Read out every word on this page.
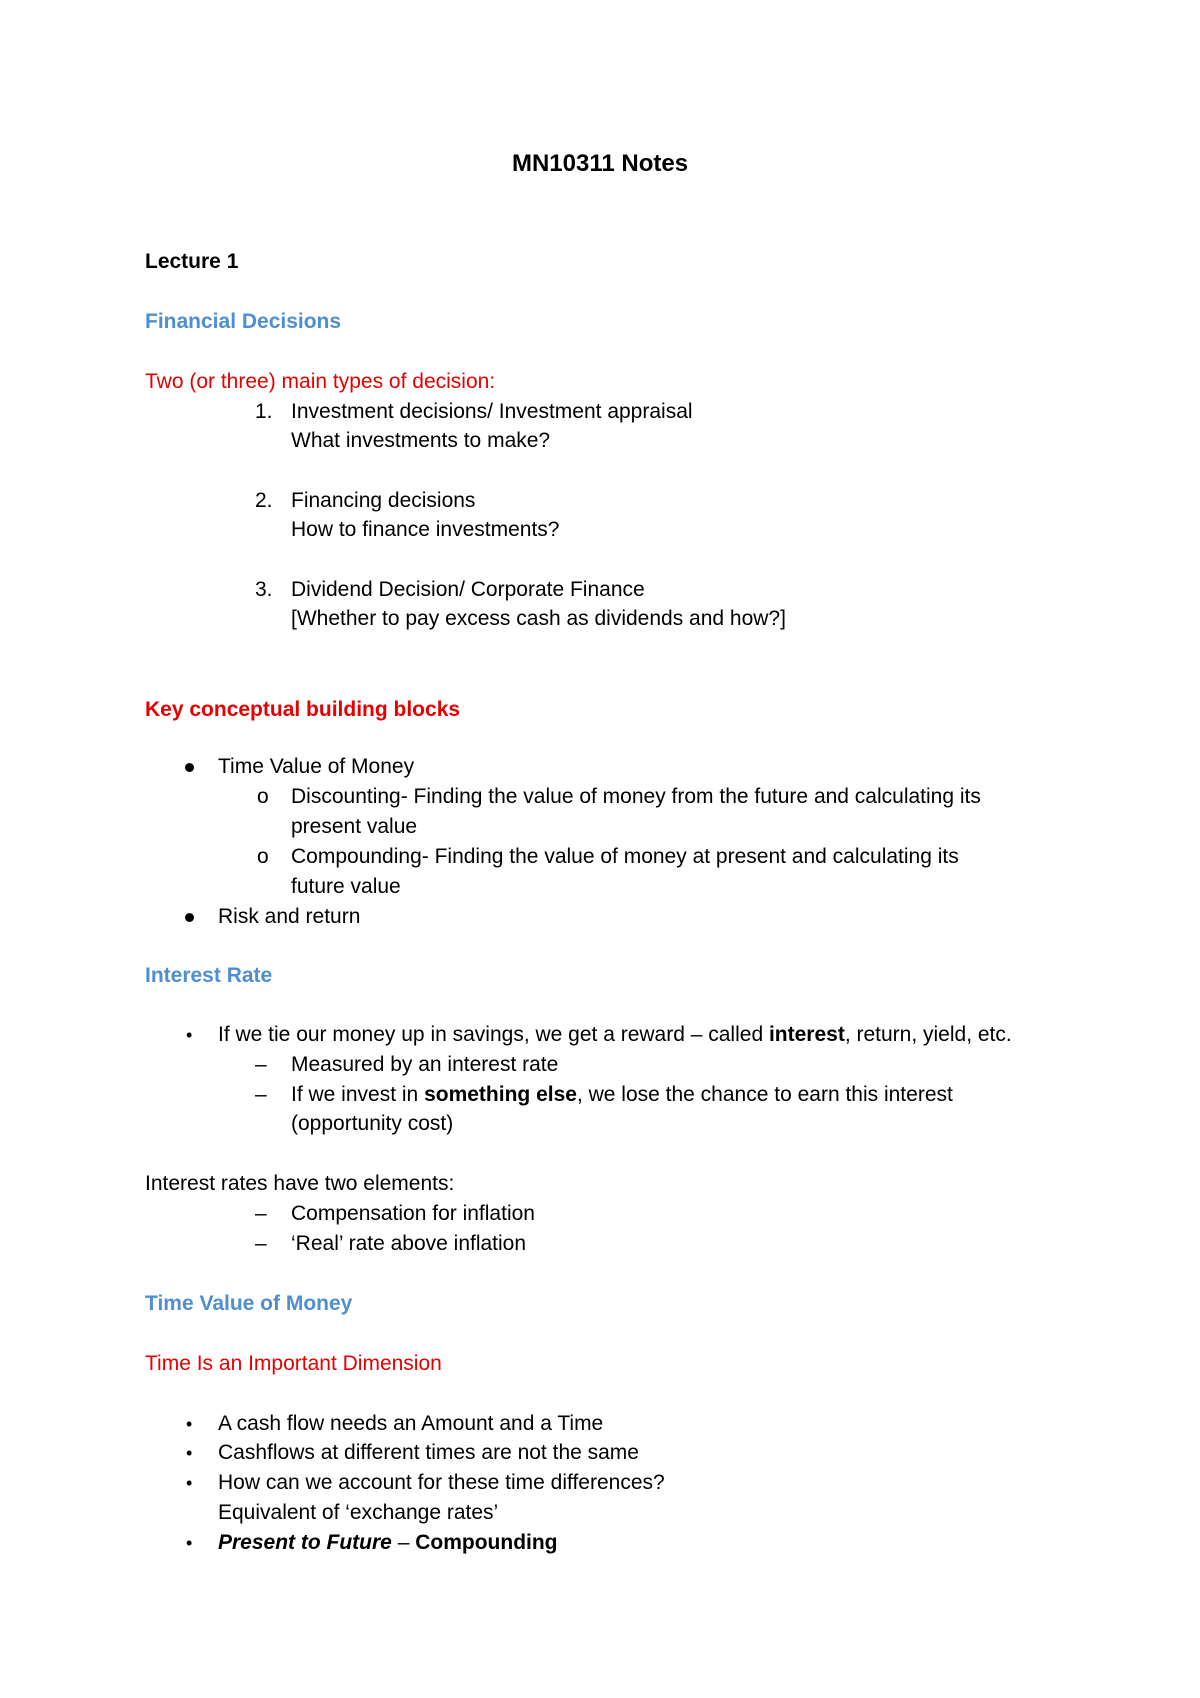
MN10311 Notes
Lecture 1
Financial Decisions
Two (or three) main types of decision:
1. Investment decisions/ Investment appraisal
What investments to make?
2. Financing decisions
How to finance investments?
3. Dividend Decision/ Corporate Finance
[Whether to pay excess cash as dividends and how?]
Key conceptual building blocks
Time Value of Money
o Discounting- Finding the value of money from the future and calculating its
present value
o Compounding- Finding the value of money at present and calculating its
future value
Risk and return
Interest Rate
• If we tie our money up in savings, we get a reward – called interest, return, yield, etc.
– Measured by an interest rate
– If we invest in something else, we lose the chance to earn this interest
(opportunity cost)
Interest rates have two elements:
– Compensation for inflation
– ‘Real’ rate above inflation
Time Value of Money
Time Is an Important Dimension
• A cash flow needs an Amount and a Time
• Cashflows at different times are not the same
• How can we account for these time differences?
Equivalent of ‘exchange rates’
• Present to Future – Compounding
